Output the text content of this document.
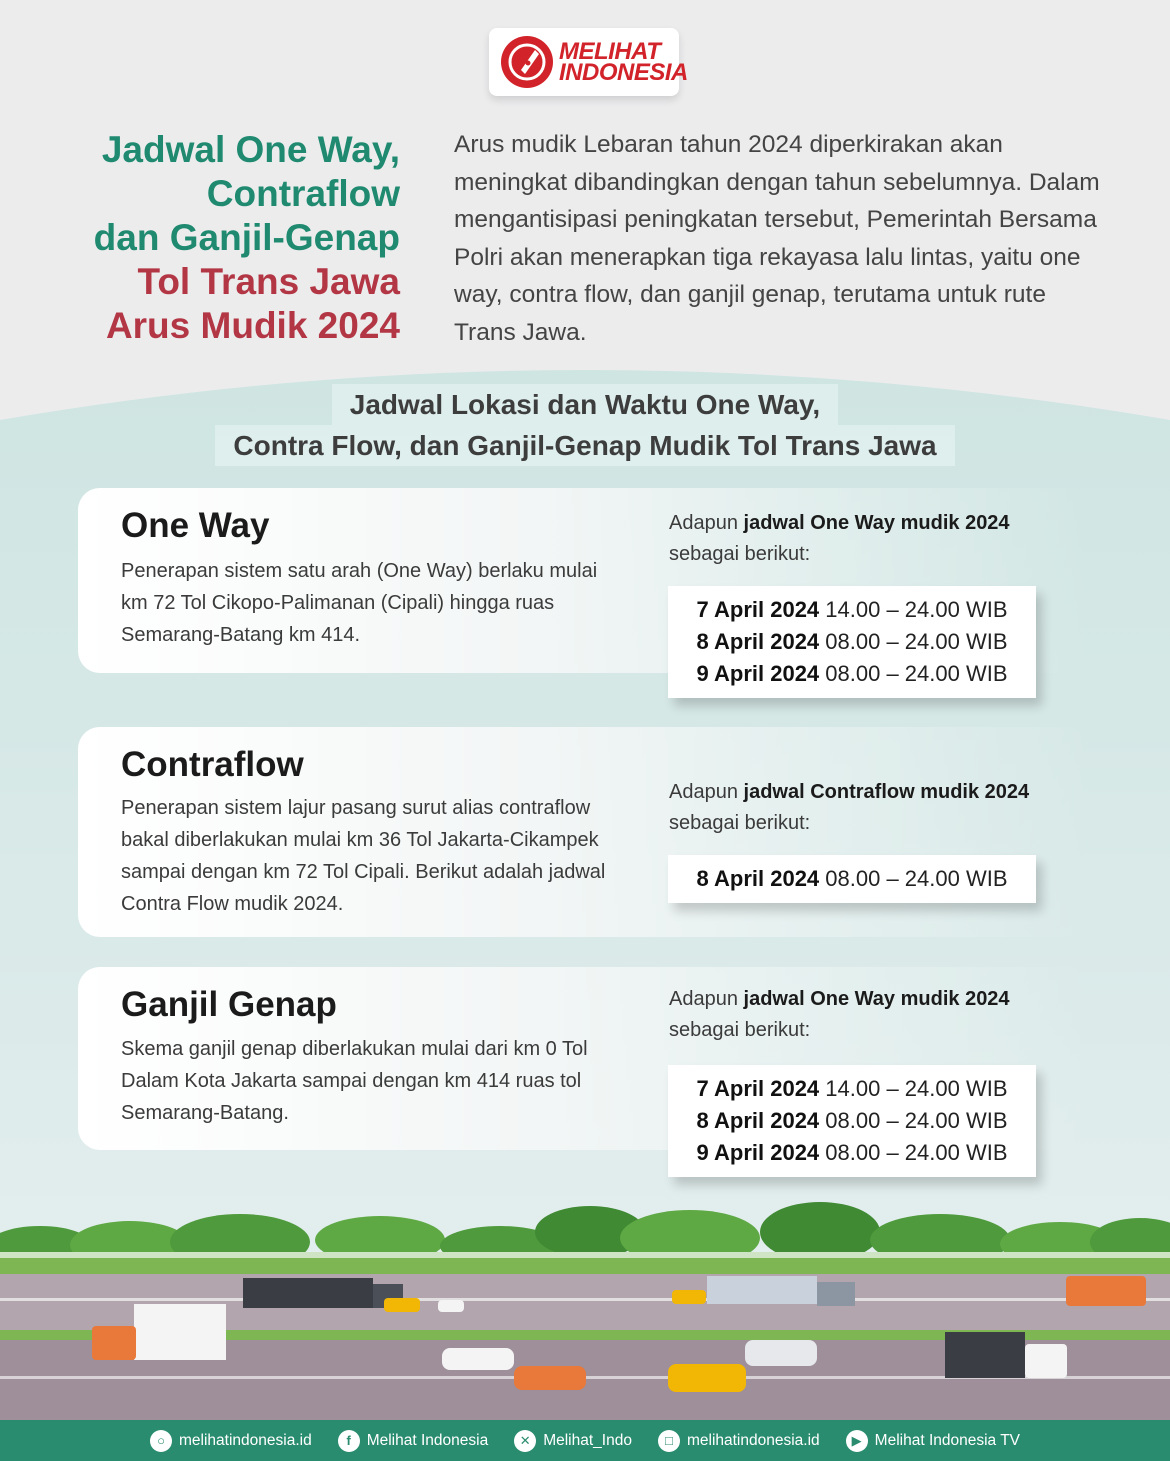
MELIHAT
INDONESIA
Jadwal One Way,
Contraflow
dan Ganjil-Genap
Tol Trans Jawa
Arus Mudik 2024
Arus mudik Lebaran tahun 2024 diperkirakan akan meningkat dibandingkan dengan tahun sebelumnya. Dalam mengantisipasi peningkatan tersebut, Pemerintah Bersama Polri akan menerapkan tiga rekayasa lalu lintas, yaitu one way, contra flow, dan ganjil genap, terutama untuk rute Trans Jawa.
Jadwal Lokasi dan Waktu One Way,
Contra Flow, dan Ganjil-Genap Mudik Tol Trans Jawa
One Way
Penerapan sistem satu arah (One Way) berlaku mulai km 72 Tol Cikopo-Palimanan (Cipali) hingga ruas Semarang-Batang km 414.
Adapun jadwal One Way mudik 2024
sebagai berikut:
7 April 2024 14.00 – 24.00 WIB
8 April 2024 08.00 – 24.00 WIB
9 April 2024 08.00 – 24.00 WIB
Contraflow
Penerapan sistem lajur pasang surut alias contraflow bakal diberlakukan mulai km 36 Tol Jakarta-Cikampek sampai dengan km 72 Tol Cipali. Berikut adalah jadwal Contra Flow mudik 2024.
Adapun jadwal Contraflow mudik 2024
sebagai berikut:
8 April 2024 08.00 – 24.00 WIB
Ganjil Genap
Skema ganjil genap diberlakukan mulai dari km 0 Tol Dalam Kota Jakarta sampai dengan km 414 ruas tol Semarang-Batang.
Adapun jadwal One Way mudik 2024
sebagai berikut:
7 April 2024 14.00 – 24.00 WIB
8 April 2024 08.00 – 24.00 WIB
9 April 2024 08.00 – 24.00 WIB
○ melihatindonesia.id	f	Melihat Indonesia	✕ Melihat_Indo	□ melihatindonesia.id	▶ Melihat Indonesia TV
